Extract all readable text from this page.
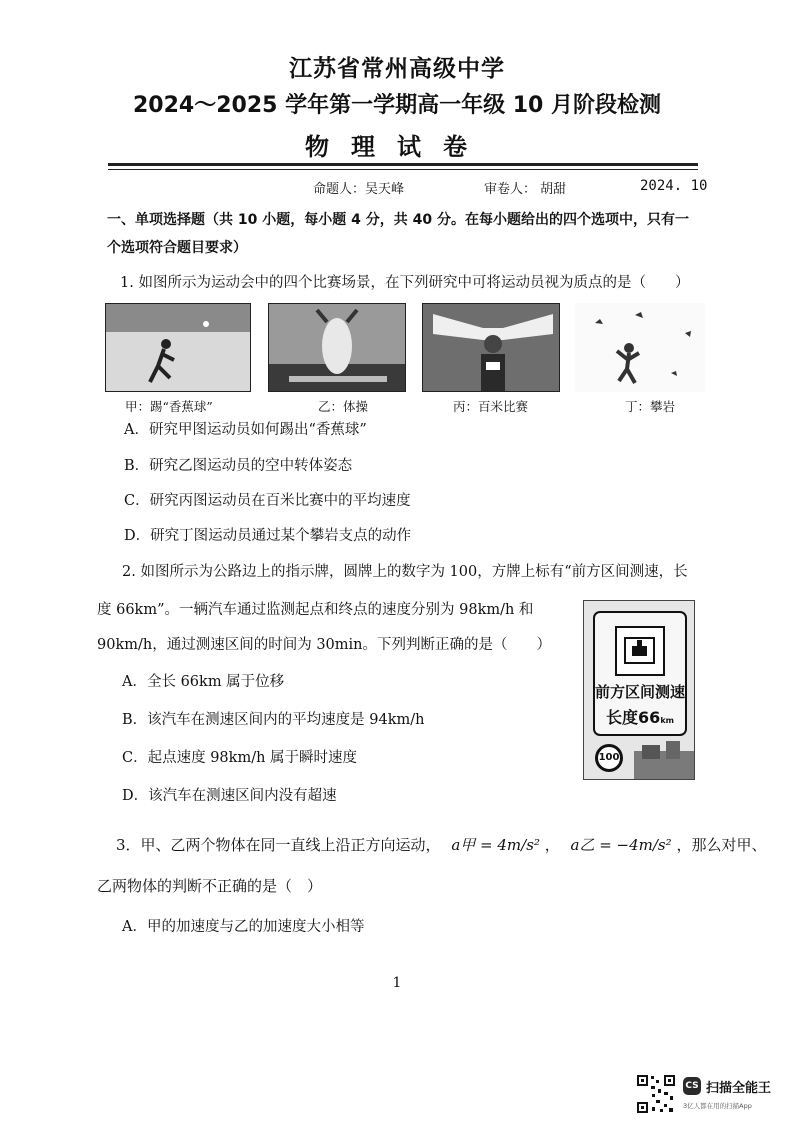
江苏省常州高级中学
2024～2025 学年第一学期高一年级 10 月阶段检测
物理试卷
命题人：吴天峰	审卷人： 胡甜	2024. 10
一、单项选择题（共 10 小题，每小题 4 分，共 40 分。在每小题给出的四个选项中，只有一
个选项符合题目要求）
1. 如图所示为运动会中的四个比赛场景，在下列研究中可将运动员视为质点的是（　　）
甲：踢“香蕉球”	乙：体操	丙：百米比赛	丁：攀岩
A．研究甲图运动员如何踢出“香蕉球”
B．研究乙图运动员的空中转体姿态
C．研究丙图运动员在百米比赛中的平均速度
D．研究丁图运动员通过某个攀岩支点的动作
2. 如图所示为公路边上的指示牌，圆牌上的数字为 100，方牌上标有“前方区间测速，长
度 66km”。一辆汽车通过监测起点和终点的速度分别为 98km/h 和
90km/h，通过测速区间的时间为 30min。下列判断正确的是（　　）
A．全长 66km 属于位移
B．该汽车在测速区间内的平均速度是 94km/h
C．起点速度 98km/h 属于瞬时速度
D．该汽车在测速区间内没有超速
前方区间测速
长度66km
100
3．甲、乙两个物体在同一直线上沿正方向运动， a甲 = 4m/s² ， a乙 = −4m/s² ，那么对甲、
乙两物体的判断不正确的是（　）
A．甲的加速度与乙的加速度大小相等
1
CS 扫描全能王
3亿人都在用的扫描App
